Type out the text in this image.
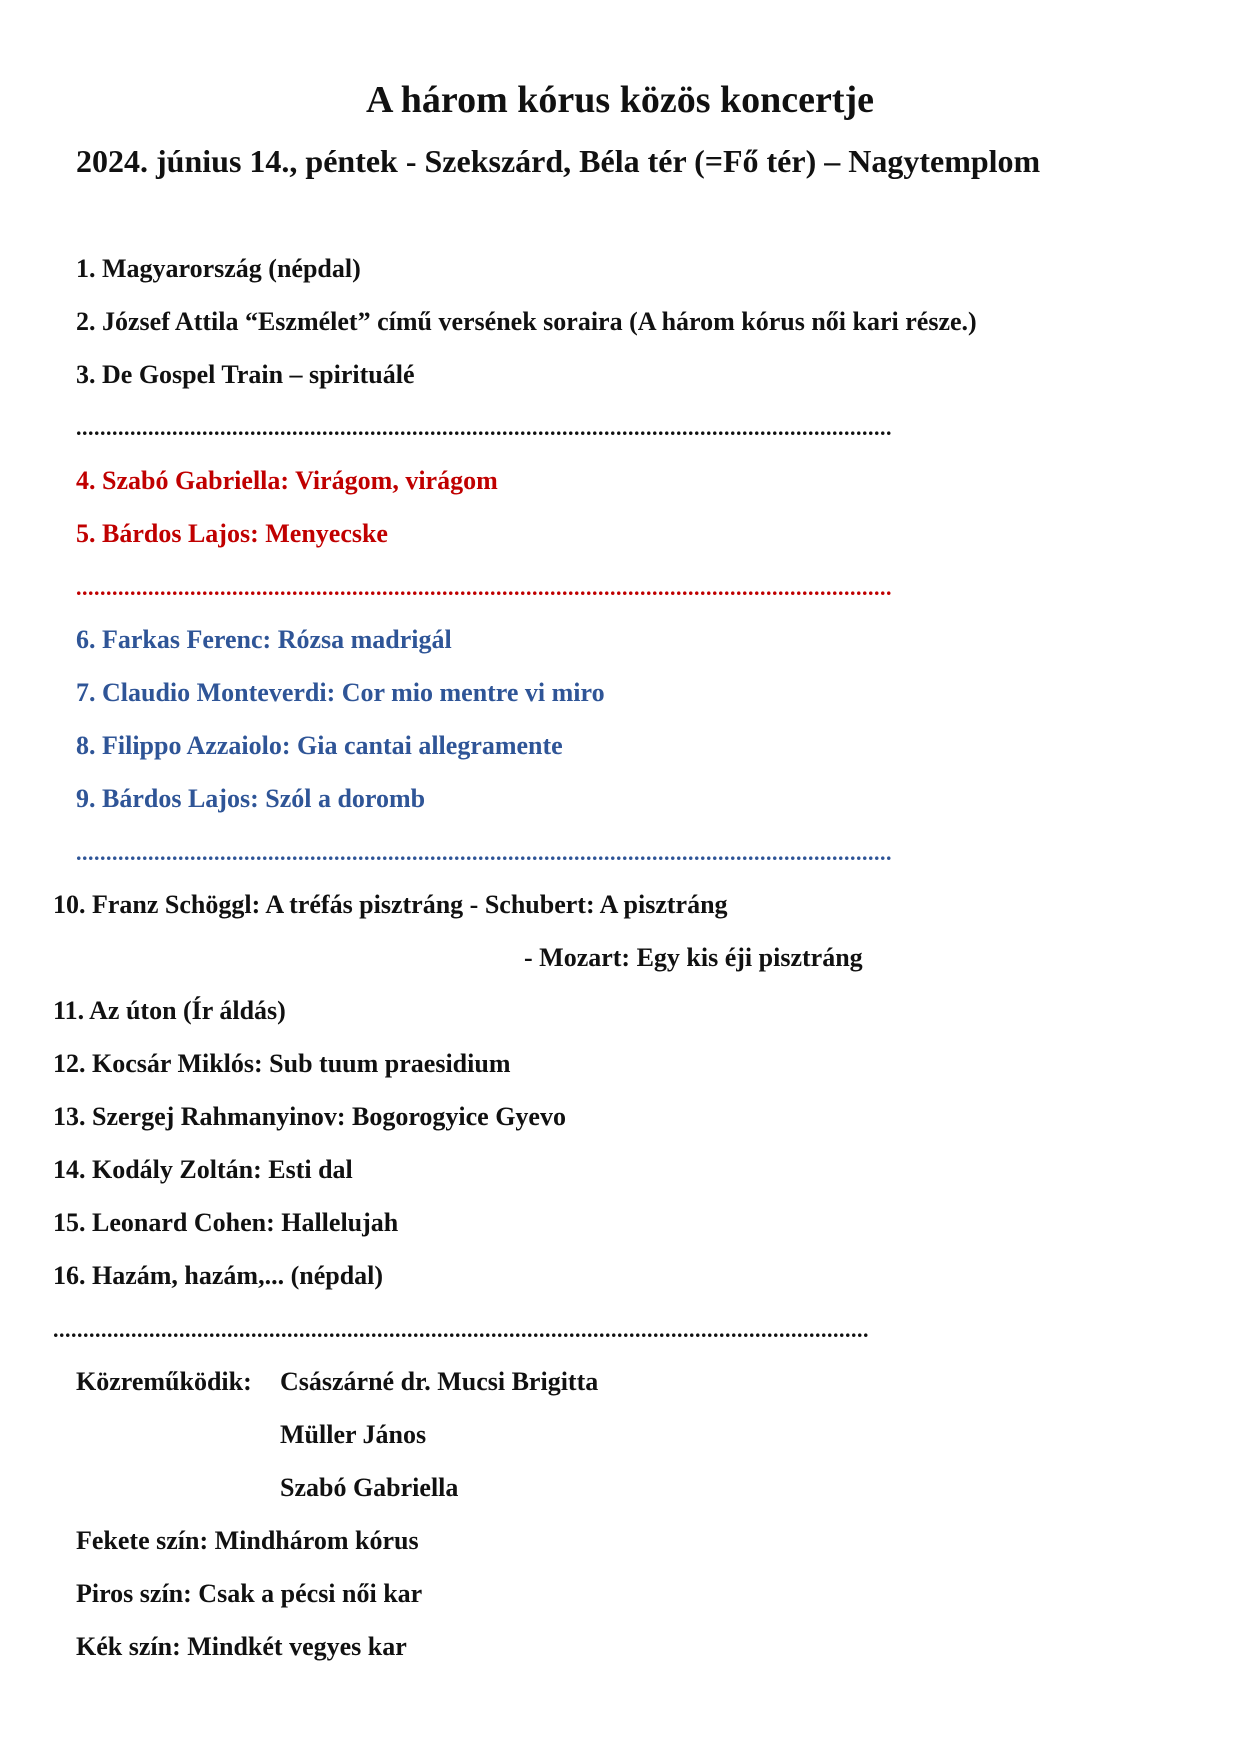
A három kórus közös koncertje
2024. június 14., péntek - Szekszárd, Béla tér (=Fő tér) – Nagytemplom
1. Magyarország (népdal)
2. József Attila “Eszmélet” című versének soraira (A három kórus női kari része.)
3. De Gospel Train – spirituálé
........................................................................................................................................
4. Szabó Gabriella: Virágom, virágom
5. Bárdos Lajos: Menyecske
........................................................................................................................................
6. Farkas Ferenc: Rózsa madrigál
7. Claudio Monteverdi: Cor mio mentre vi miro
8. Filippo Azzaiolo: Gia cantai allegramente
9. Bárdos Lajos: Szól a doromb
........................................................................................................................................
10. Franz Schöggl: A tréfás pisztráng - Schubert: A pisztráng
- Mozart: Egy kis éji pisztráng
11. Az úton (Ír áldás)
12. Kocsár Miklós: Sub tuum praesidium
13. Szergej Rahmanyinov: Bogorogyice Gyevo
14. Kodály Zoltán: Esti dal
15. Leonard Cohen: Hallelujah
16. Hazám, hazám,... (népdal)
........................................................................................................................................
Közreműködik: Császárné dr. Mucsi Brigitta
Müller János
Szabó Gabriella
Fekete szín: Mindhárom kórus
Piros szín: Csak a pécsi női kar
Kék szín: Mindkét vegyes kar
